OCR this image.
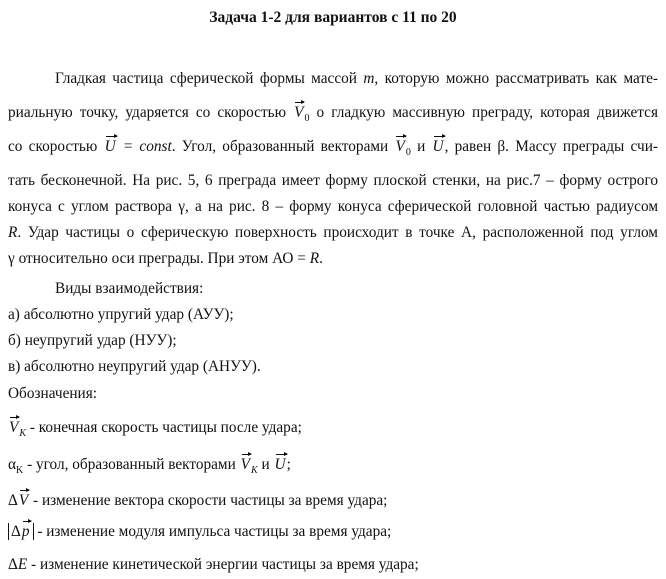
Задача 1-2 для вариантов с 11 по 20
Гладкая частица сферической формы массой m, которую можно рассматривать как мате-
риальную точку, ударяется со скоростью $V_0$ о гладкую массивную преграду, которая движется
со скоростью U = const. Угол, образованный векторами $V_0$ и U, равен β. Массу преграды счи-
тать бесконечной. На рис. 5, 6 преграда имеет форму плоской стенки, на рис.7 – форму острого
конуса с углом раствора γ, а на рис. 8 – форму конуса сферической головной частью радиусом
R. Удар частицы о сферическую поверхность происходит в точке А, расположенной под углом
γ относительно оси преграды. При этом АО = R.
Виды взаимодействия:
а) абсолютно упругий удар (АУУ);
б) неупругий удар (НУУ);
в) абсолютно неупругий удар (АНУУ).
Обозначения:
$V_K$ - конечная скорость частицы после удара;
$\alpha_K$ - угол, образованный векторами $V_K$ и U;
ΔV - изменение вектора скорости частицы за время удара;
Δp - изменение модуля импульса частицы за время удара;
ΔE - изменение кинетической энергии частицы за время удара;
